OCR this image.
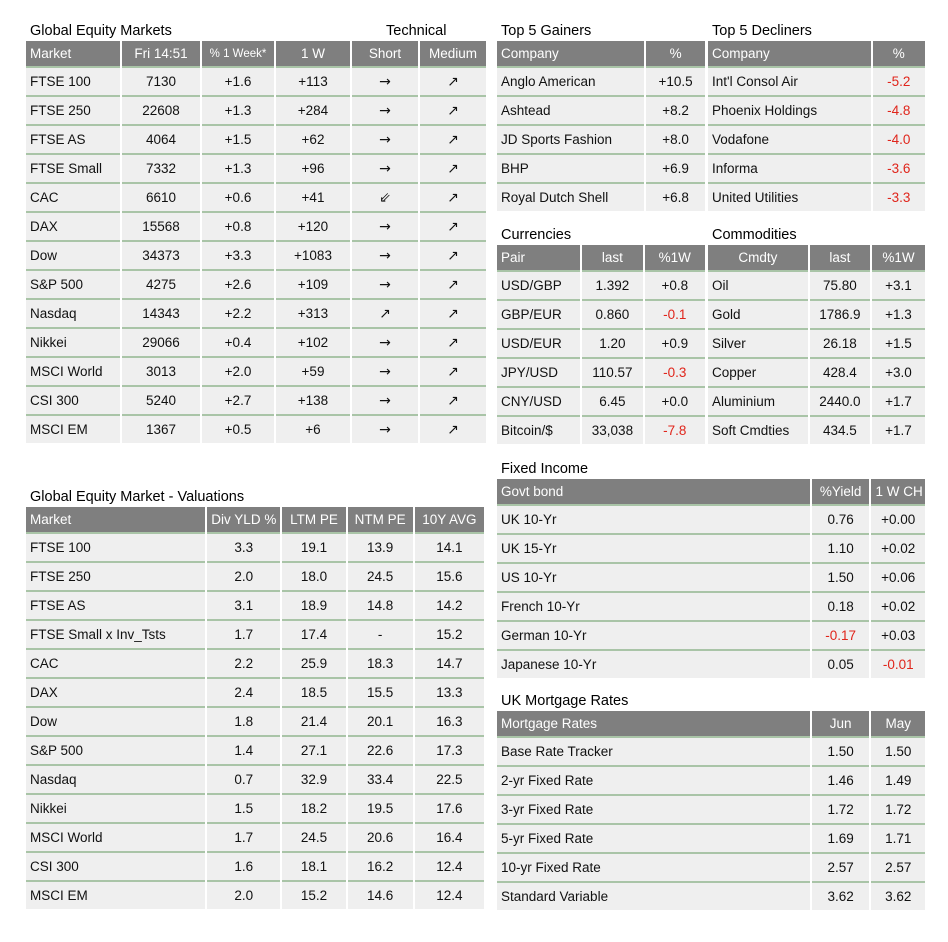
Global Equity Markets	Technical
Market	Fri 14:51	% 1 Week*	1 W	Short	Medium
FTSE 100	7130	+1.6	+113	→	↗
FTSE 250	22608	+1.3	+284	→	↗
FTSE AS	4064	+1.5	+62	→	↗
FTSE Small	7332	+1.3	+96	→	↗
CAC	6610	+0.6	+41	⇙	↗
DAX	15568	+0.8	+120	→	↗
Dow	34373	+3.3	+1083	→	↗
S&P 500	4275	+2.6	+109	→	↗
Nasdaq	14343	+2.2	+313	↗	↗
Nikkei	29066	+0.4	+102	→	↗
MSCI World	3013	+2.0	+59	→	↗
CSI 300	5240	+2.7	+138	→	↗
MSCI EM	1367	+0.5	+6	→	↗
Top 5 Gainers
Company	%
Anglo American	+10.5
Ashtead	+8.2
JD Sports Fashion	+8.0
BHP	+6.9
Royal Dutch Shell	+6.8
Top 5 Decliners
Company	%
Int'l Consol Air	-5.2
Phoenix Holdings	-4.8
Vodafone	-4.0
Informa	-3.6
United Utilities	-3.3
Currencies
Pair	last	%1W
USD/GBP	1.392	+0.8
GBP/EUR	0.860	-0.1
USD/EUR	1.20	+0.9
JPY/USD	110.57	-0.3
CNY/USD	6.45	+0.0
Bitcoin/$	33,038	-7.8
Commodities
Cmdty	last	%1W
Oil	75.80	+3.1
Gold	1786.9	+1.3
Silver	26.18	+1.5
Copper	428.4	+3.0
Aluminium	2440.0	+1.7
Soft Cmdties	434.5	+1.7
Global Equity Market - Valuations
Market	Div YLD %	LTM PE	NTM PE	10Y AVG
FTSE 100	3.3	19.1	13.9	14.1
FTSE 250	2.0	18.0	24.5	15.6
FTSE AS	3.1	18.9	14.8	14.2
FTSE Small x Inv_Tsts	1.7	17.4	-	15.2
CAC	2.2	25.9	18.3	14.7
DAX	2.4	18.5	15.5	13.3
Dow	1.8	21.4	20.1	16.3
S&P 500	1.4	27.1	22.6	17.3
Nasdaq	0.7	32.9	33.4	22.5
Nikkei	1.5	18.2	19.5	17.6
MSCI World	1.7	24.5	20.6	16.4
CSI 300	1.6	18.1	16.2	12.4
MSCI EM	2.0	15.2	14.6	12.4
Fixed Income
Govt bond	%Yield	1 W CH
UK 10-Yr	0.76	+0.00
UK 15-Yr	1.10	+0.02
US 10-Yr	1.50	+0.06
French 10-Yr	0.18	+0.02
German 10-Yr	-0.17	+0.03
Japanese 10-Yr	0.05	-0.01
UK Mortgage Rates
Mortgage Rates	Jun	May
Base Rate Tracker	1.50	1.50
2-yr Fixed Rate	1.46	1.49
3-yr Fixed Rate	1.72	1.72
5-yr Fixed Rate	1.69	1.71
10-yr Fixed Rate	2.57	2.57
Standard Variable	3.62	3.62
